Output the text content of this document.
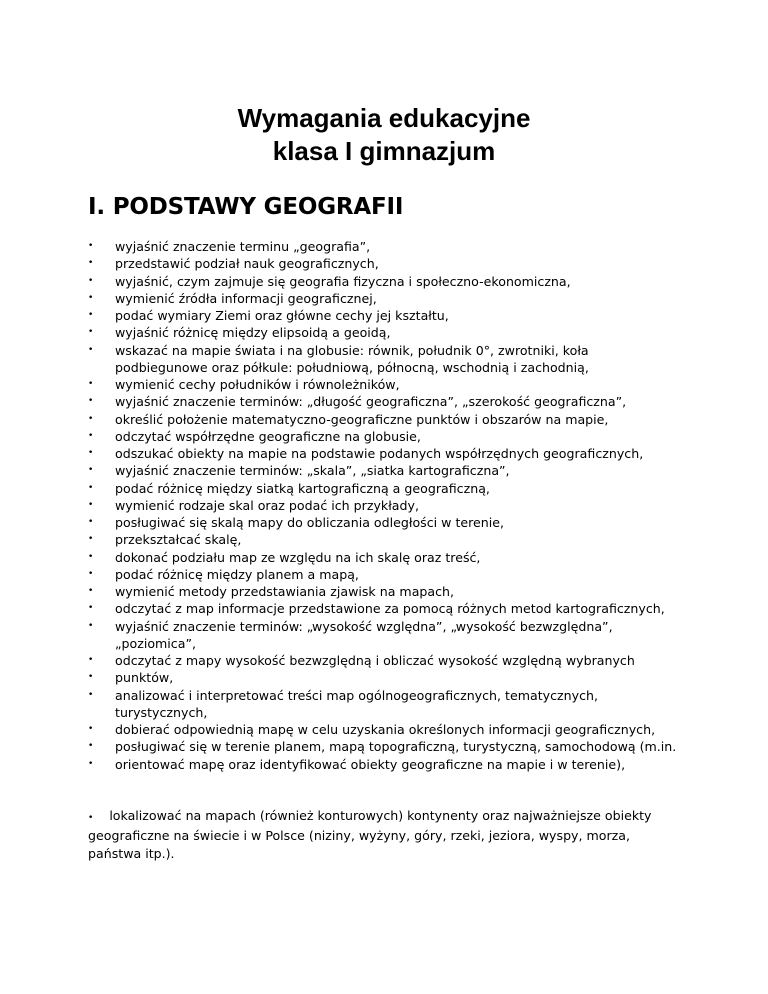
Wymagania edukacyjne
klasa I gimnazjum
I. PODSTAWY GEOGRAFII
• wyjaśnić znaczenie terminu „geografia”,
• przedstawić podział nauk geograficznych,
• wyjaśnić, czym zajmuje się geografia fizyczna i społeczno-ekonomiczna,
• wymienić źródła informacji geograficznej,
• podać wymiary Ziemi oraz główne cechy jej kształtu,
• wyjaśnić różnicę między elipsoidą a geoidą,
• wskazać na mapie świata i na globusie: równik, południk 0°, zwrotniki, koła
podbiegunowe oraz półkule: południową, północną, wschodnią i zachodnią,
• wymienić cechy południków i równoleżników,
• wyjaśnić znaczenie terminów: „długość geograficzna”, „szerokość geograficzna”,
• określić położenie matematyczno-geograficzne punktów i obszarów na mapie,
• odczytać współrzędne geograficzne na globusie,
• odszukać obiekty na mapie na podstawie podanych współrzędnych geograficznych,
• wyjaśnić znaczenie terminów: „skala”, „siatka kartograficzna”,
• podać różnicę między siatką kartograficzną a geograficzną,
• wymienić rodzaje skal oraz podać ich przykłady,
• posługiwać się skalą mapy do obliczania odległości w terenie,
• przekształcać skalę,
• dokonać podziału map ze względu na ich skalę oraz treść,
• podać różnicę między planem a mapą,
• wymienić metody przedstawiania zjawisk na mapach,
• odczytać z map informacje przedstawione za pomocą różnych metod kartograficznych,
• wyjaśnić znaczenie terminów: „wysokość względna”, „wysokość bezwzględna”,
„poziomica”,
• odczytać z mapy wysokość bezwzględną i obliczać wysokość względną wybranych
• punktów,
• analizować i interpretować treści map ogólnogeograficznych, tematycznych,
turystycznych,
• dobierać odpowiednią mapę w celu uzyskania określonych informacji geograficznych,
• posługiwać się w terenie planem, mapą topograficzną, turystyczną, samochodową (m.in.
• orientować mapę oraz identyfikować obiekty geograficzne na mapie i w terenie),
• lokalizować na mapach (również konturowych) kontynenty oraz najważniejsze obiekty
geograficzne na świecie i w Polsce (niziny, wyżyny, góry, rzeki, jeziora, wyspy, morza,
państwa itp.).
